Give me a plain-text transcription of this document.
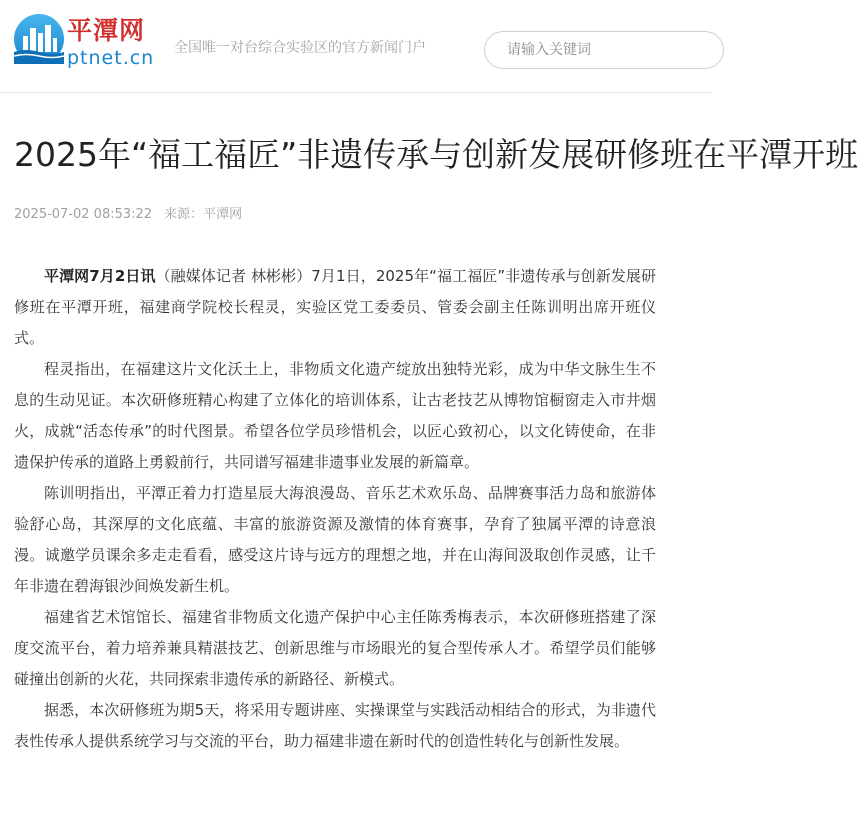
平潭网
ptnet.cn 全国唯一对台综合实验区的官方新闻门户
请输入关键词
2025年“福工福匠”非遗传承与创新发展研修班在平潭开班
2025-07-02 08:53:22 来源：平潭网

平潭网7月2日讯（融媒体记者 林彬彬）7月1日，2025年“福工福匠”非遗传承与创新发展研修班在平潭开班，福建商学院校长程灵，实验区党工委委员、管委会副主任陈训明出席开班仪式。

程灵指出，在福建这片文化沃土上，非物质文化遗产绽放出独特光彩，成为中华文脉生生不息的生动见证。本次研修班精心构建了立体化的培训体系，让古老技艺从博物馆橱窗走入市井烟火，成就“活态传承”的时代图景。希望各位学员珍惜机会，以匠心致初心，以文化铸使命，在非遗保护传承的道路上勇毅前行，共同谱写福建非遗事业发展的新篇章。

陈训明指出，平潭正着力打造星辰大海浪漫岛、音乐艺术欢乐岛、品牌赛事活力岛和旅游体验舒心岛，其深厚的文化底蕴、丰富的旅游资源及激情的体育赛事，孕育了独属平潭的诗意浪漫。诚邀学员课余多走走看看，感受这片诗与远方的理想之地，并在山海间汲取创作灵感，让千年非遗在碧海银沙间焕发新生机。

福建省艺术馆馆长、福建省非物质文化遗产保护中心主任陈秀梅表示，本次研修班搭建了深度交流平台，着力培养兼具精湛技艺、创新思维与市场眼光的复合型传承人才。希望学员们能够碰撞出创新的火花，共同探索非遗传承的新路径、新模式。

据悉，本次研修班为期5天，将采用专题讲座、实操课堂与实践活动相结合的形式，为非遗代表性传承人提供系统学习与交流的平台，助力福建非遗在新时代的创造性转化与创新性发展。
